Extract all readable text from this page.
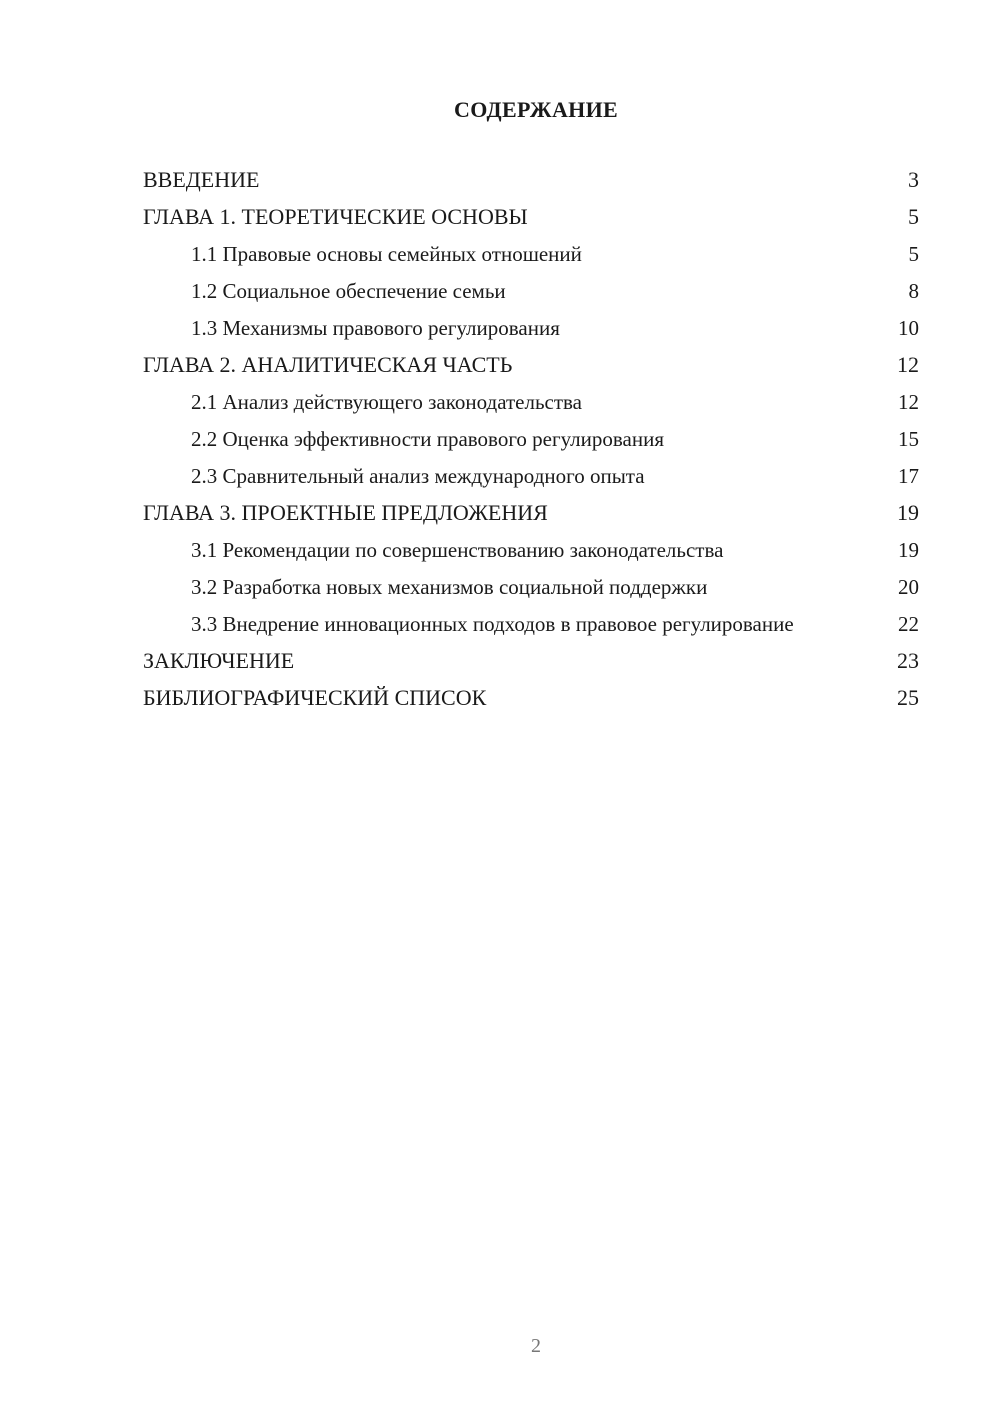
СОДЕРЖАНИЕ
ВВЕДЕНИЕ	3
ГЛАВА 1. ТЕОРЕТИЧЕСКИЕ ОСНОВЫ	5
1.1 Правовые основы семейных отношений	5
1.2 Социальное обеспечение семьи	8
1.3 Механизмы правового регулирования	10
ГЛАВА 2. АНАЛИТИЧЕСКАЯ ЧАСТЬ	12
2.1 Анализ действующего законодательства	12
2.2 Оценка эффективности правового регулирования	15
2.3 Сравнительный анализ международного опыта	17
ГЛАВА 3. ПРОЕКТНЫЕ ПРЕДЛОЖЕНИЯ	19
3.1 Рекомендации по совершенствованию законодательства	19
3.2 Разработка новых механизмов социальной поддержки	20
3.3 Внедрение инновационных подходов в правовое регулирование	22
ЗАКЛЮЧЕНИЕ	23
БИБЛИОГРАФИЧЕСКИЙ СПИСОК	25
2
